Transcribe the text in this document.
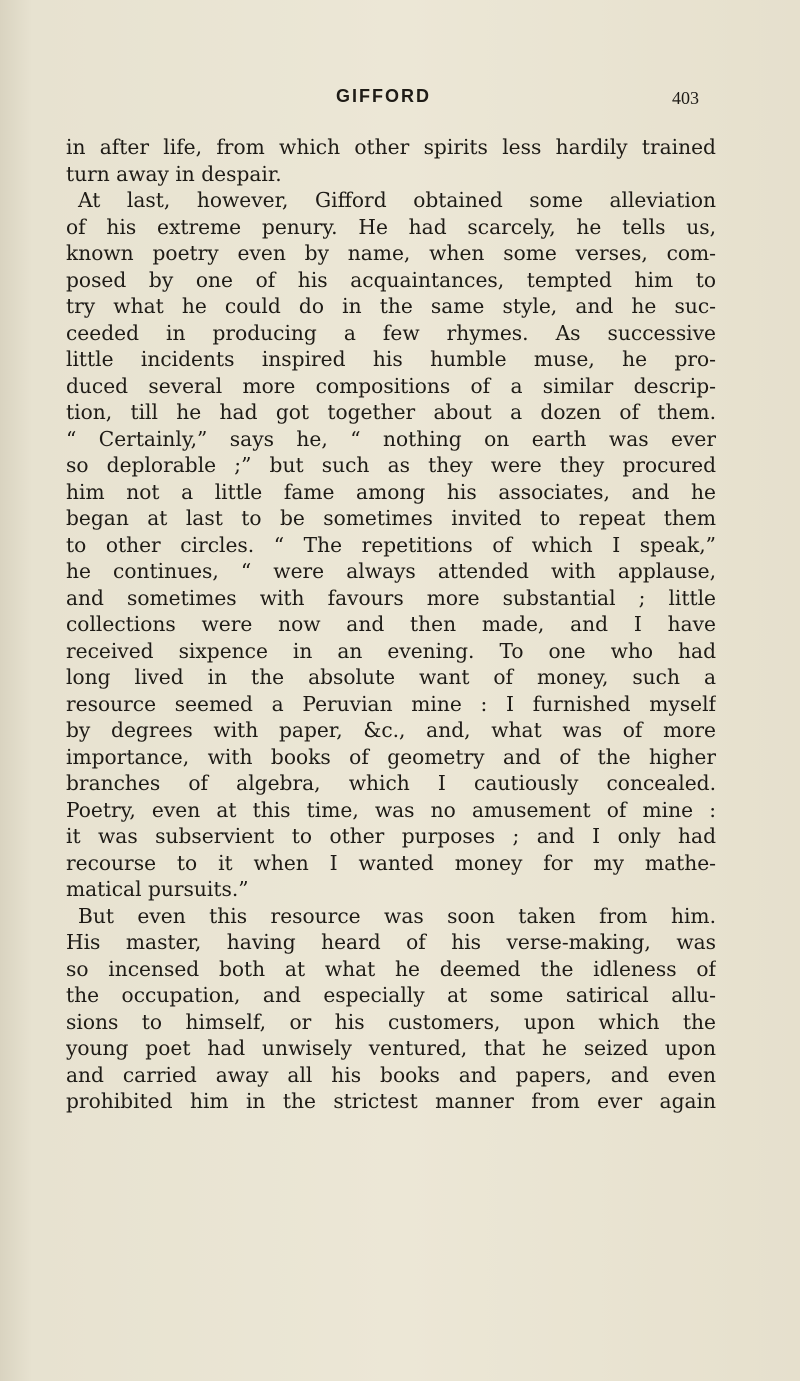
GIFFORD	403

in after life, from which other spirits less hardily trained

turn away in despair.

At last, however, Gifford obtained some alleviation

of his extreme penury. He had scarcely, he tells us,

known poetry even by name, when some verses, com-

posed by one of his acquaintances, tempted him to

try what he could do in the same style, and he suc-

ceeded in producing a few rhymes. As successive

little incidents inspired his humble muse, he pro-

duced several more compositions of a similar descrip-

tion, till he had got together about a dozen of them.

“ Certainly,” says he, “ nothing on earth was ever

so deplorable ;” but such as they were they procured

him not a little fame among his associates, and he

began at last to be sometimes invited to repeat them

to other circles. “ The repetitions of which I speak,”

he continues, “ were always attended with applause,

and sometimes with favours more substantial ; little

collections were now and then made, and I have

received sixpence in an evening. To one who had

long lived in the absolute want of money, such a

resource seemed a Peruvian mine : I furnished myself

by degrees with paper, &c., and, what was of more

importance, with books of geometry and of the higher

branches of algebra, which I cautiously concealed.

Poetry, even at this time, was no amusement of mine :

it was subservient to other purposes ; and I only had

recourse to it when I wanted money for my mathe-

matical pursuits.”

But even this resource was soon taken from him.

His master, having heard of his verse-making, was

so incensed both at what he deemed the idleness of

the occupation, and especially at some satirical allu-

sions to himself, or his customers, upon which the

young poet had unwisely ventured, that he seized upon

and carried away all his books and papers, and even

prohibited him in the strictest manner from ever again
